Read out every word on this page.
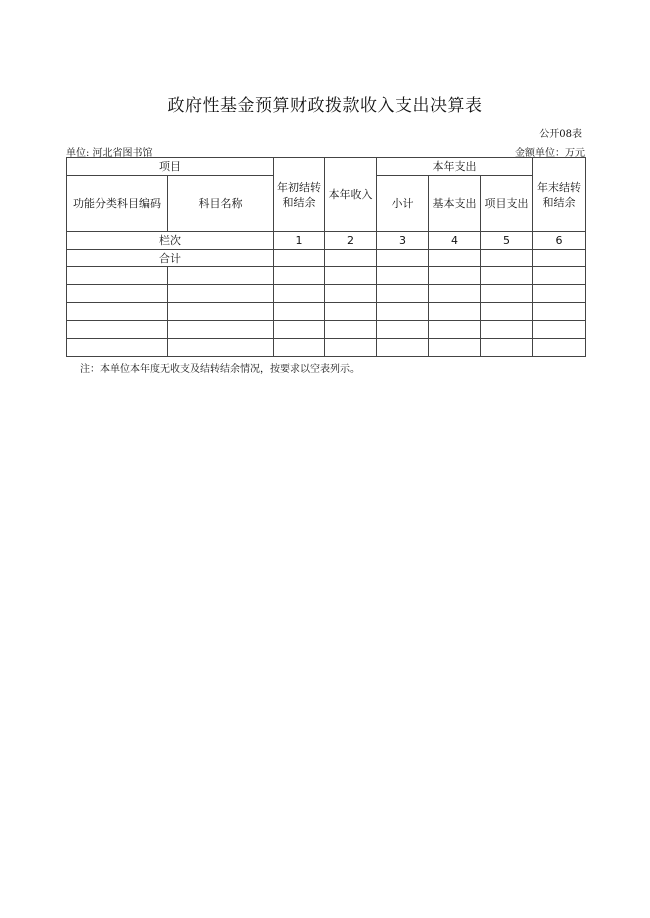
政府性基金预算财政拨款收入支出决算表
公开08表
单位: 河北省图书馆	金额单位：万元
项目		年初结转和结余	本年收入	本年支出			年末结转和结余
功能分类科目编码	科目名称			小计	基本支出	项目支出	

栏次		1	2	3	4	5	6
合计							

注：本单位本年度无收支及结转结余情况，按要求以空表列示。
